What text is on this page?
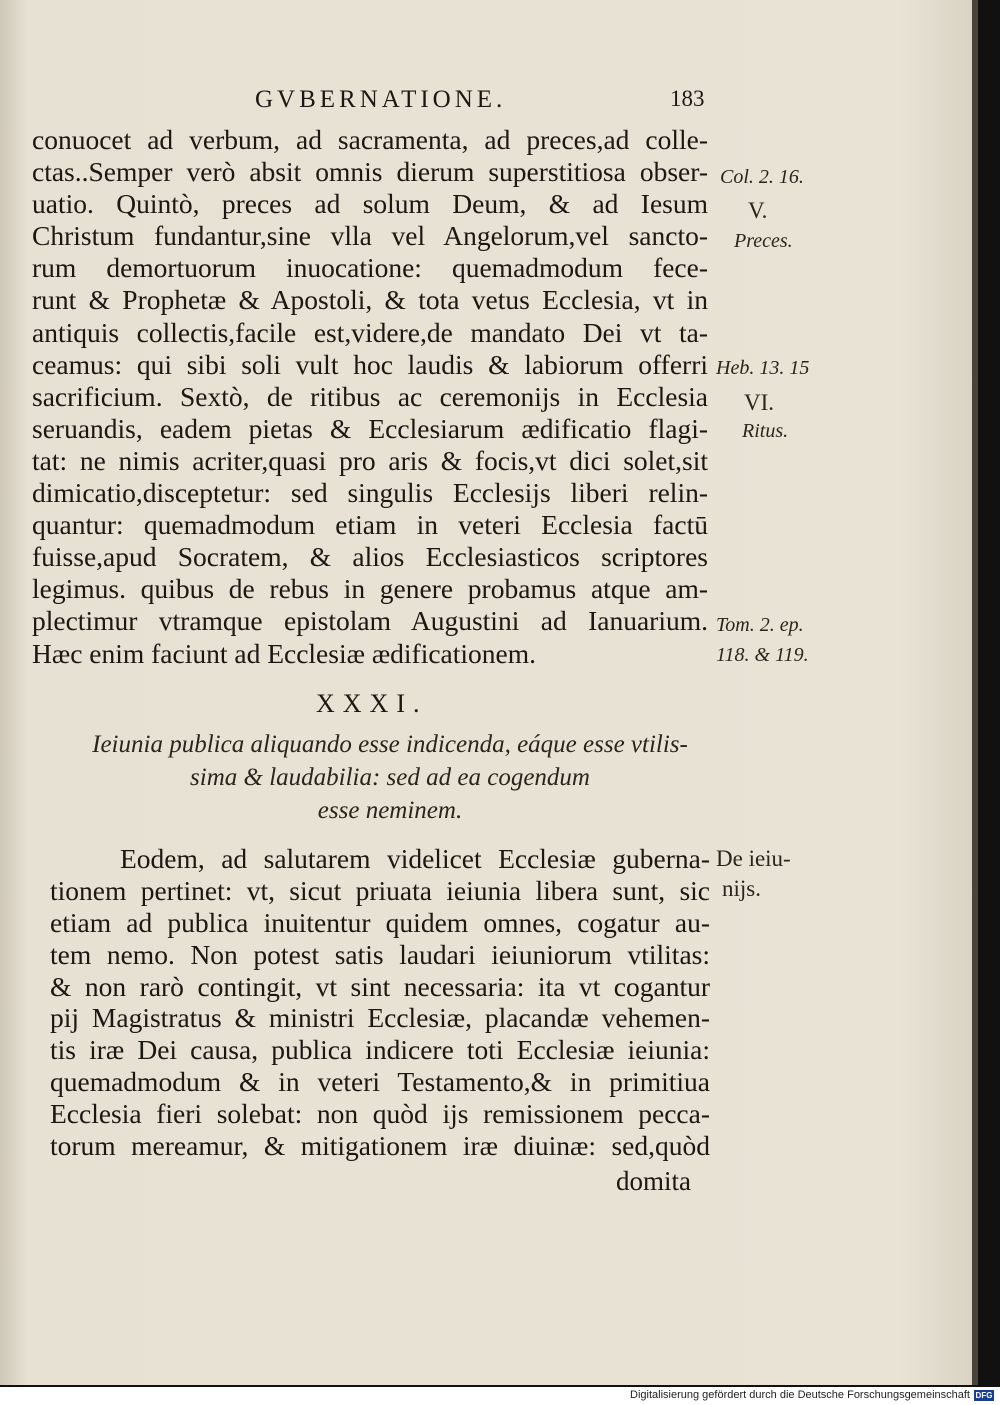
GVBERNATIONE.	183
conuocet ad verbum, ad sacramenta, ad preces,ad colle-
ctas..Semper verò absit omnis dierum superstitiosa obser-
uatio. Quintò, preces ad solum Deum, & ad Iesum
Christum fundantur,sine vlla vel Angelorum,vel sancto-
rum demortuorum inuocatione: quemadmodum fece-
runt & Prophetæ & Apostoli, & tota vetus Ecclesia, vt in
antiquis collectis,facile est,videre,de mandato Dei vt ta-
ceamus: qui sibi soli vult hoc laudis & labiorum offerri
sacrificium. Sextò, de ritibus ac ceremonijs in Ecclesia
seruandis, eadem pietas & Ecclesiarum ædificatio flagi-
tat: ne nimis acriter,quasi pro aris & focis,vt dici solet,sit
dimicatio,disceptetur: sed singulis Ecclesijs liberi relin-
quantur: quemadmodum etiam in veteri Ecclesia factū
fuisse,apud Socratem, & alios Ecclesiasticos scriptores
legimus. quibus de rebus in genere probamus atque am-
plectimur vtramque epistolam Augustini ad Ianuarium.
Hæc enim faciunt ad Ecclesiæ ædificationem.
XXXI.
Ieiunia publica aliquando esse indicenda, eáque esse vtilis-
sima & laudabilia: sed ad ea cogendum
esse neminem.
Eodem, ad salutarem videlicet Ecclesiæ guberna-
tionem pertinet: vt, sicut priuata ieiunia libera sunt, sic
etiam ad publica inuitentur quidem omnes, cogatur au-
tem nemo. Non potest satis laudari ieiuniorum vtilitas:
& non rarò contingit, vt sint necessaria: ita vt cogantur
pij Magistratus & ministri Ecclesiæ, placandæ vehemen-
tis iræ Dei causa, publica indicere toti Ecclesiæ ieiunia:
quemadmodum & in veteri Testamento,& in primitiua
Ecclesia fieri solebat: non quòd ijs remissionem pecca-
torum mereamur, & mitigationem iræ diuinæ: sed,quòd
domita
Col. 2. 16.
V.
Preces.
Heb. 13. 15
VI.
Ritus.
Tom. 2. ep.
118. & 119.
De ieiu-
nijs.
Digitalisierung gefördert durch die Deutsche Forschungsgemeinschaft DFG
